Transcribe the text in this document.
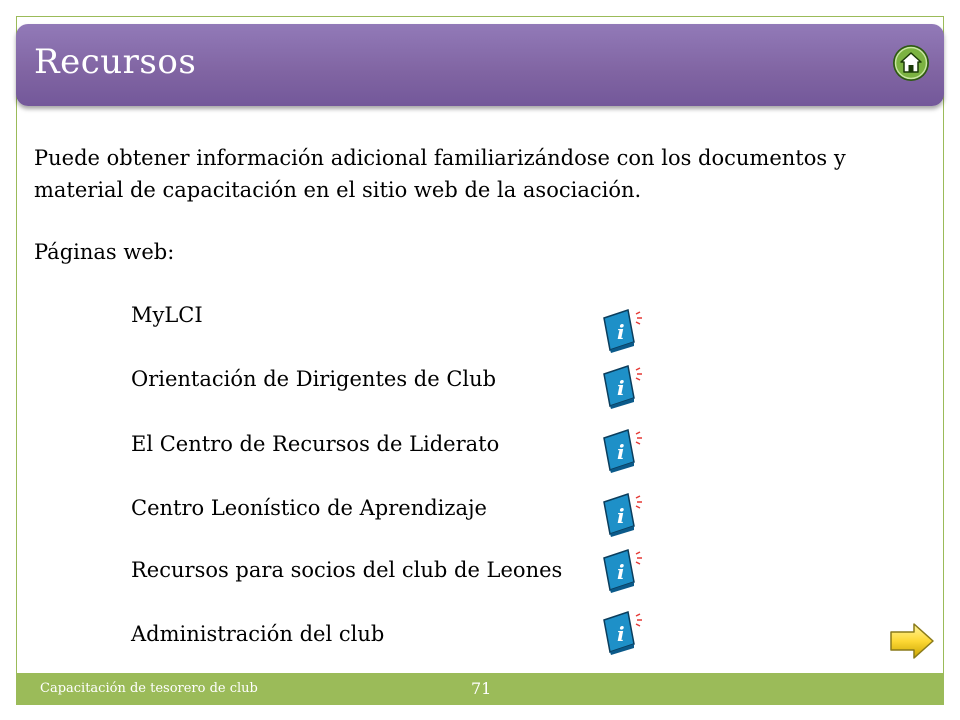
Recursos

Puede obtener información adicional familiarizándose con los documentos y material de capacitación en el sitio web de la asociación.

Páginas web:
MyLCI
Orientación de Dirigentes de Club
El Centro de Recursos de Liderato
Centro Leonístico de Aprendizaje
Recursos para socios del club de Leones
Administración del club
i
i
i
i
i
i
Capacitación de tesorero de club	71
